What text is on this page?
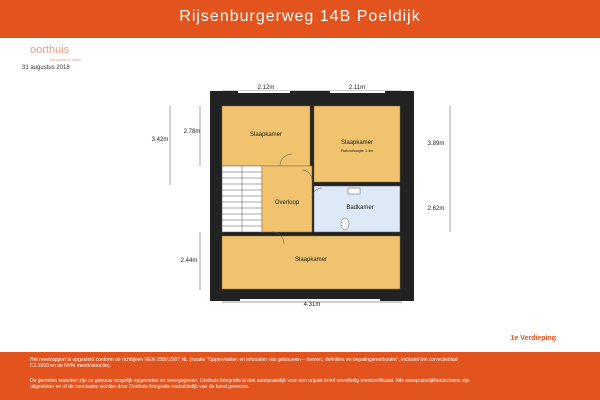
Rijsenburgerweg 14B Poeldijk
oorthuis
fotografie & video
31 augustus 2018
Slaapkamer
Slaapkamer
Plafondhoogte: 2.4m
Overloop
Badkamer
Slaapkamer
2.12m	2.11m
3.42m
2.78m
3.89m
2.62m
2.44m
4.31m
1e Verdieping
Het meetrapport is opgesteld conform de richtlijnen NEN 2580:2007 NL (inzake "Oppervlakten en inhouden van gebouwen – termen, definities en bepalingsmethoden", inclusief het correctieblad C1:2008 en de NVM meetinstructie).
De gemeten waarden zijn zo getrouw mogelijk opgemeten en weergegeven. Oorthuis fotografie is niet aansprakelijk voor een onjuist en/of onvolledig meetcertificaat. Alle aansprakelijkheidsclaims zijn uitgesloten en of de conclusies worden door Oorthuis fotografie nadrukkelijk van de hand gewezen.
